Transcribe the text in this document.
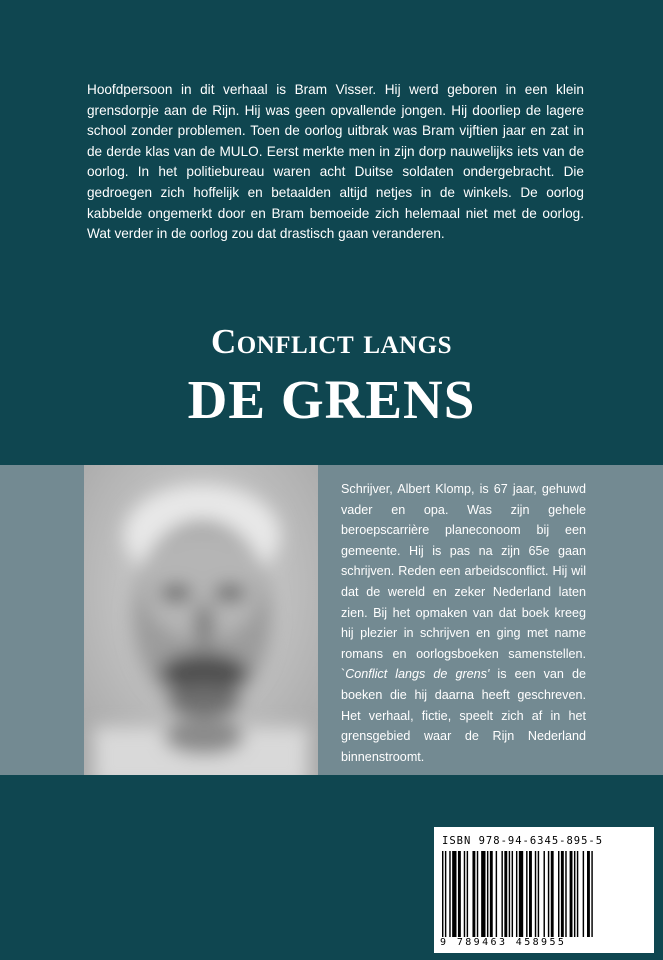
Hoofdpersoon in dit verhaal is Bram Visser. Hij werd geboren in een klein grensdorpje aan de Rijn. Hij was geen opvallende jongen. Hij doorliep de lagere school zonder problemen. Toen de oorlog uitbrak was Bram vijftien jaar en zat in de derde klas van de MULO. Eerst merkte men in zijn dorp nauwelijks iets van de oorlog. In het politiebureau waren acht Duitse soldaten ondergebracht. Die gedroegen zich hoffelijk en betaalden altijd netjes in de winkels. De oorlog kabbelde ongemerkt door en Bram bemoeide zich helemaal niet met de oorlog. Wat verder in de oorlog zou dat drastisch gaan veranderen.

Conflict langs
DE GRENS

Schrijver, Albert Klomp, is 67 jaar, gehuwd vader en opa. Was zijn gehele beroepscarrière planeconoom bij een gemeente. Hij is pas na zijn 65e gaan schrijven. Reden een arbeidsconflict. Hij wil dat de wereld en zeker Nederland laten zien. Bij het opmaken van dat boek kreeg hij plezier in schrijven en ging met name romans en oorlogsboeken samenstellen. `Conflict langs de grens' is een van de boeken die hij daarna heeft geschreven. Het verhaal, fictie, speelt zich af in het grensgebied waar de Rijn Nederland binnenstroomt.

ISBN 978-94-6345-895-5
9 789463 458955
